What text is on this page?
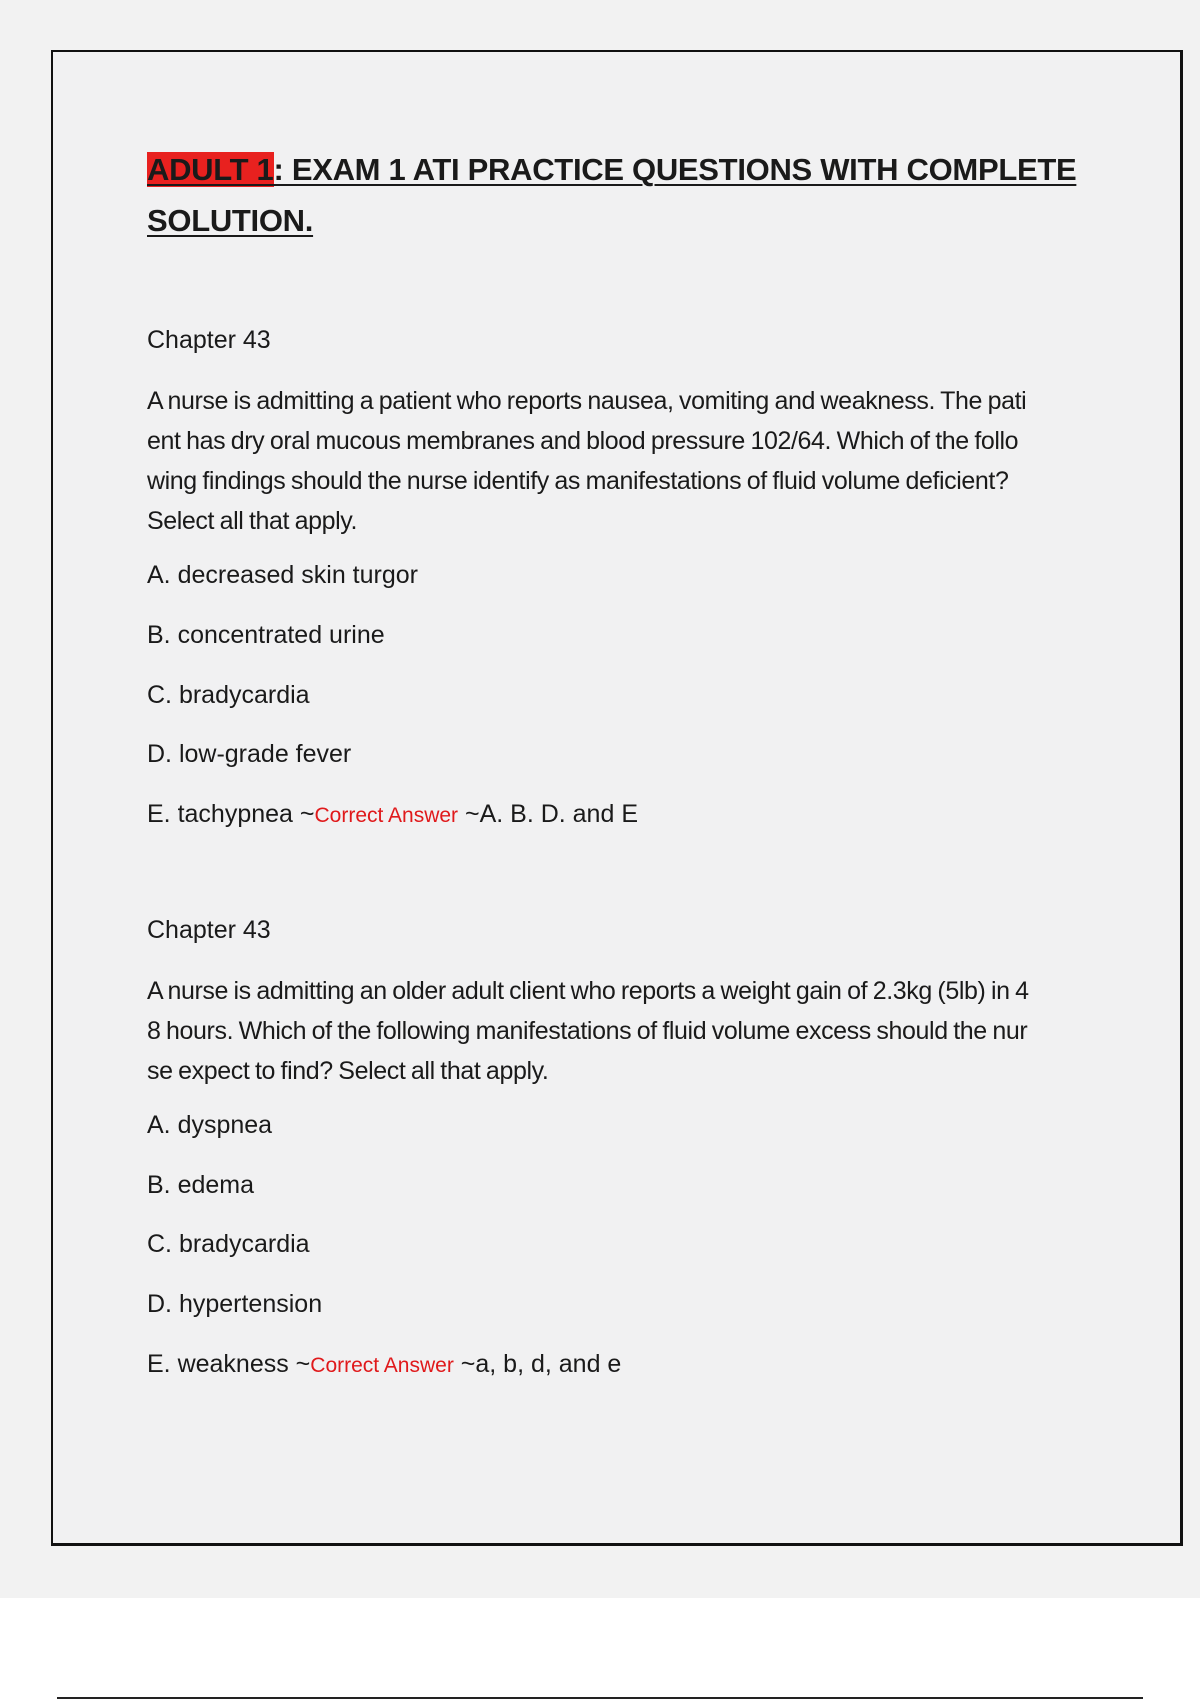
ADULT 1: EXAM 1 ATI PRACTICE QUESTIONS WITH COMPLETE
SOLUTION.

Chapter 43

A nurse is admitting a patient who reports nausea, vomiting and weakness. The pati
ent has dry oral mucous membranes and blood pressure 102/64. Which of the follo
wing findings should the nurse identify as manifestations of fluid volume deficient?
Select all that apply.

A. decreased skin turgor

B. concentrated urine

C. bradycardia

D. low-grade fever

E. tachypnea ~Correct Answer ~A. B. D. and E

Chapter 43

A nurse is admitting an older adult client who reports a weight gain of 2.3kg (5lb) in 4
8 hours. Which of the following manifestations of fluid volume excess should the nur
se expect to find? Select all that apply.

A. dyspnea

B. edema

C. bradycardia

D. hypertension

E. weakness ~Correct Answer ~a, b, d, and e
